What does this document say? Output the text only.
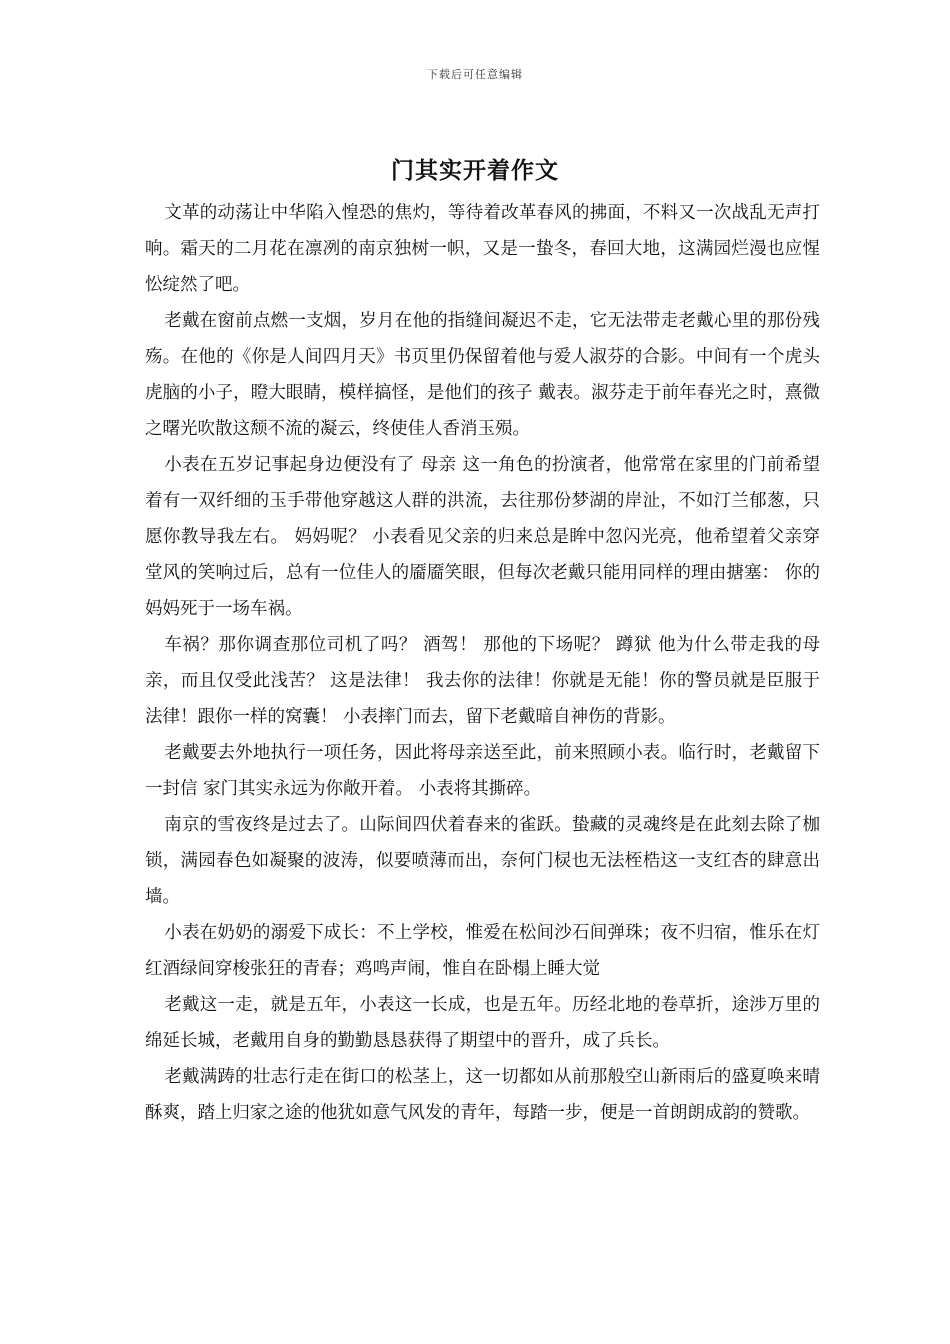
下载后可任意编辑
门其实开着作文

文革的动荡让中华陷入惶恐的焦灼，等待着改革春风的拂面，不料又一次战乱无声打响。霜天的二月花在凛冽的南京独树一帜，又是一蛰冬，春回大地，这满园烂漫也应惺忪绽然了吧。

老戴在窗前点燃一支烟，岁月在他的指缝间凝迟不走，它无法带走老戴心里的那份残殇。在他的《你是人间四月天》书页里仍保留着他与爱人淑芬的合影。中间有一个虎头虎脑的小子，瞪大眼睛，模样搞怪，是他们的孩子 戴表。淑芬走于前年春光之时，熹微之曙光吹散这颓不流的凝云，终使佳人香消玉殒。

小表在五岁记事起身边便没有了 母亲 这一角色的扮演者，他常常在家里的门前希望着有一双纤细的玉手带他穿越这人群的洪流，去往那份梦湖的岸沚，不如汀兰郁葱，只愿你教导我左右。 妈妈呢？ 小表看见父亲的归来总是眸中忽闪光亮，他希望着父亲穿堂风的笑响过后，总有一位佳人的靥靥笑眼，但每次老戴只能用同样的理由搪塞： 你的妈妈死于一场车祸。

车祸？那你调查那位司机了吗？ 酒驾！ 那他的下场呢？ 蹲狱 他为什么带走我的母亲，而且仅受此浅苦？ 这是法律！ 我去你的法律！你就是无能！你的警员就是臣服于法律！跟你一样的窝囊！ 小表摔门而去，留下老戴暗自神伤的背影。

老戴要去外地执行一项任务，因此将母亲送至此，前来照顾小表。临行时，老戴留下一封信 家门其实永远为你敞开着。 小表将其撕碎。

南京的雪夜终是过去了。山际间四伏着春来的雀跃。蛰藏的灵魂终是在此刻去除了枷锁，满园春色如凝聚的波涛，似要喷薄而出，奈何门棂也无法桎梏这一支红杏的肆意出墙。

小表在奶奶的溺爱下成长：不上学校，惟爱在松间沙石间弹珠；夜不归宿，惟乐在灯红酒绿间穿梭张狂的青春；鸡鸣声闹，惟自在卧榻上睡大觉

老戴这一走，就是五年，小表这一长成，也是五年。历经北地的卷草折，途涉万里的绵延长城，老戴用自身的勤勤恳恳获得了期望中的晋升，成了兵长。

老戴满踌的壮志行走在街口的松茎上，这一切都如从前那般空山新雨后的盛夏唤来晴酥爽，踏上归家之途的他犹如意气风发的青年，每踏一步，便是一首朗朗成韵的赞歌。
